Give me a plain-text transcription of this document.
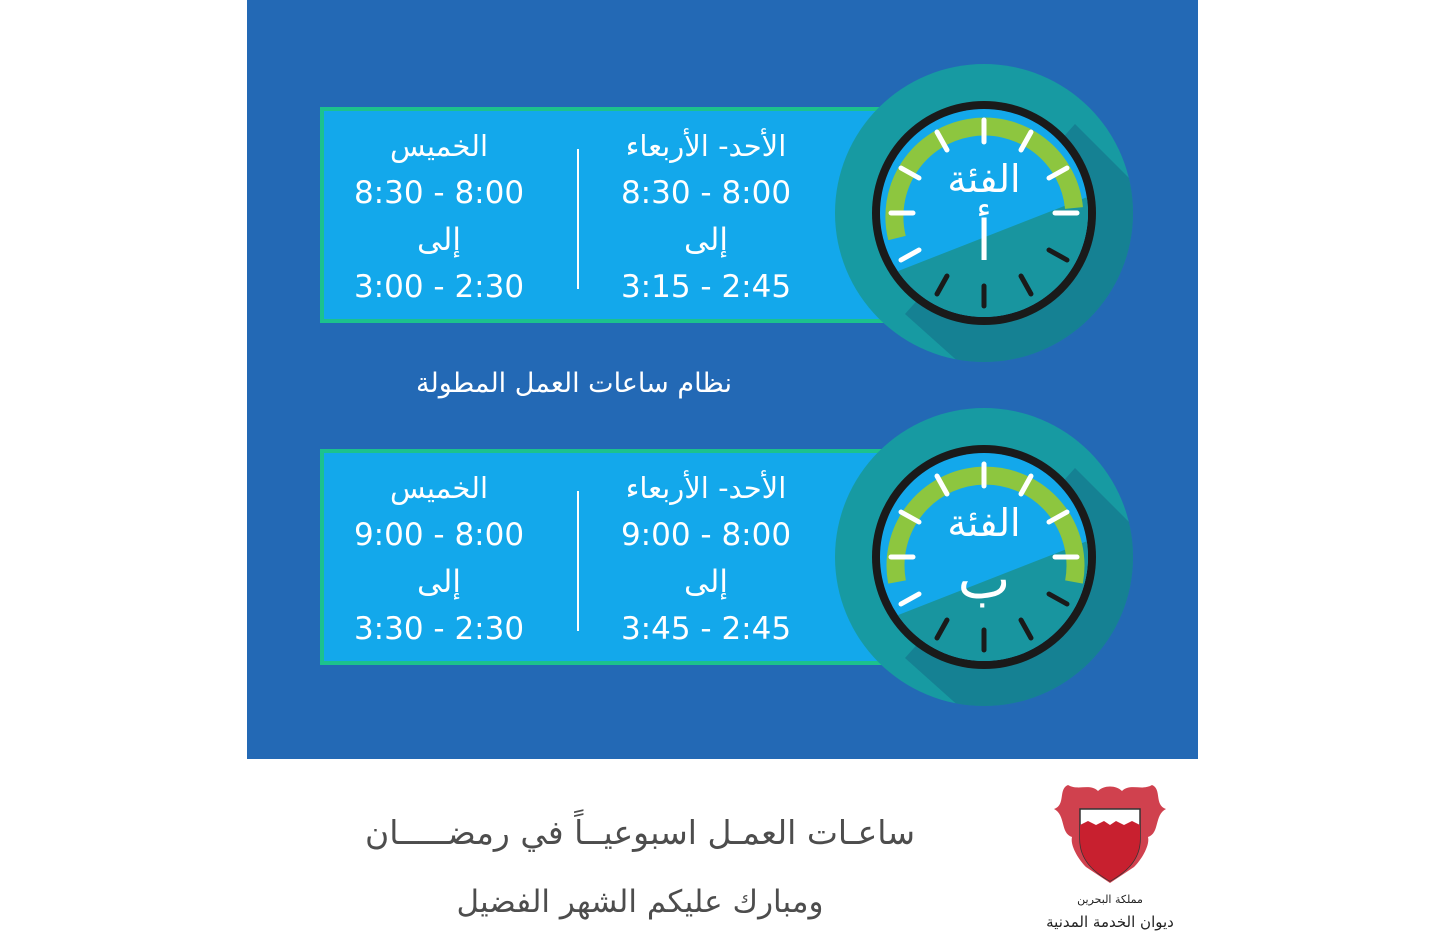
الأحد- الأربعاء
8:30 - 8:00
إلى
3:15 - 2:45
الخميس
8:30 - 8:00
إلى
3:00 - 2:30
الفئة
أ
نظام ساعات العمل المطولة
الأحد- الأربعاء
9:00 - 8:00
إلى
3:45 - 2:45
الخميس
9:00 - 8:00
إلى
3:30 - 2:30
الفئة
ب
ساعـات العمـل اسبوعيــاً في رمضـــــان
ومبارك عليكم الشهر الفضيل	مملكة البحرين
ديوان الخدمة المدنية
